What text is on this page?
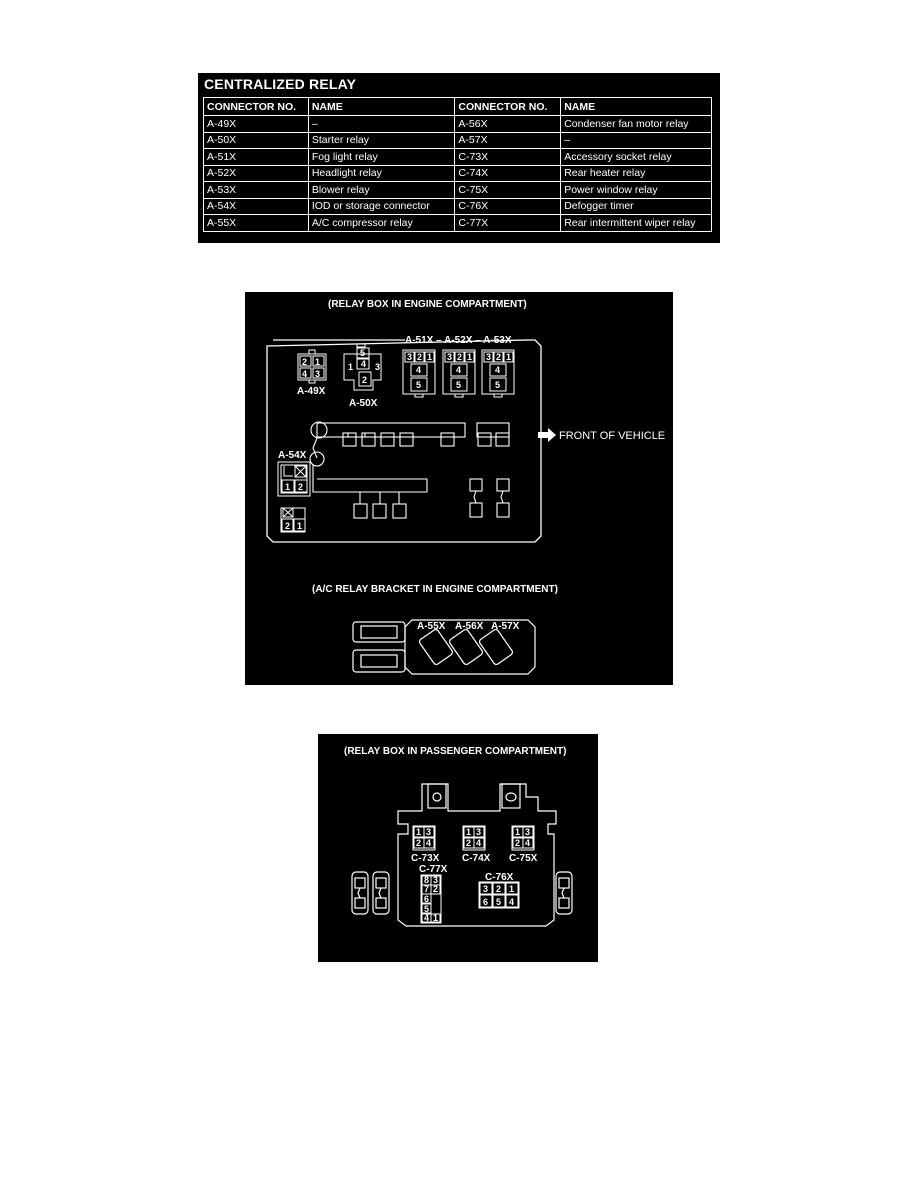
CENTRALIZED RELAY
CONNECTOR NO.	NAME	CONNECTOR NO.	NAME
A-49X	–	A-56X	Condenser fan motor relay
A-50X	Starter relay	A-57X	–
A-51X	Fog light relay	C-73X	Accessory socket relay
A-52X	Headlight relay	C-74X	Rear heater relay
A-53X	Blower relay	C-75X	Power window relay
A-54X	IOD or storage connector	C-76X	Defogger timer
A-55X	A/C compressor relay	C-77X	Rear intermittent wiper relay
(RELAY BOX IN ENGINE COMPARTMENT)
A-51X – A-52X – A-53X
2 1
4 3
A-49X
5
4
1 3
2
A-50X
3 2 1
4
5
3 2 1
4
5
3 2 1
4
5
A-54X
1 2
2 1
FRONT OF VEHICLE
(A/C RELAY BRACKET IN ENGINE COMPARTMENT)
A-55X A-56X A-57X
(RELAY BOX IN PASSENGER COMPARTMENT)
1 3
2 4
C-73X
1 3
2 4
C-74X
1 3
2 4
C-75X
C-77X
8 3
7 2
6
5
4 1
C-76X
3 2 1
6 5 4
